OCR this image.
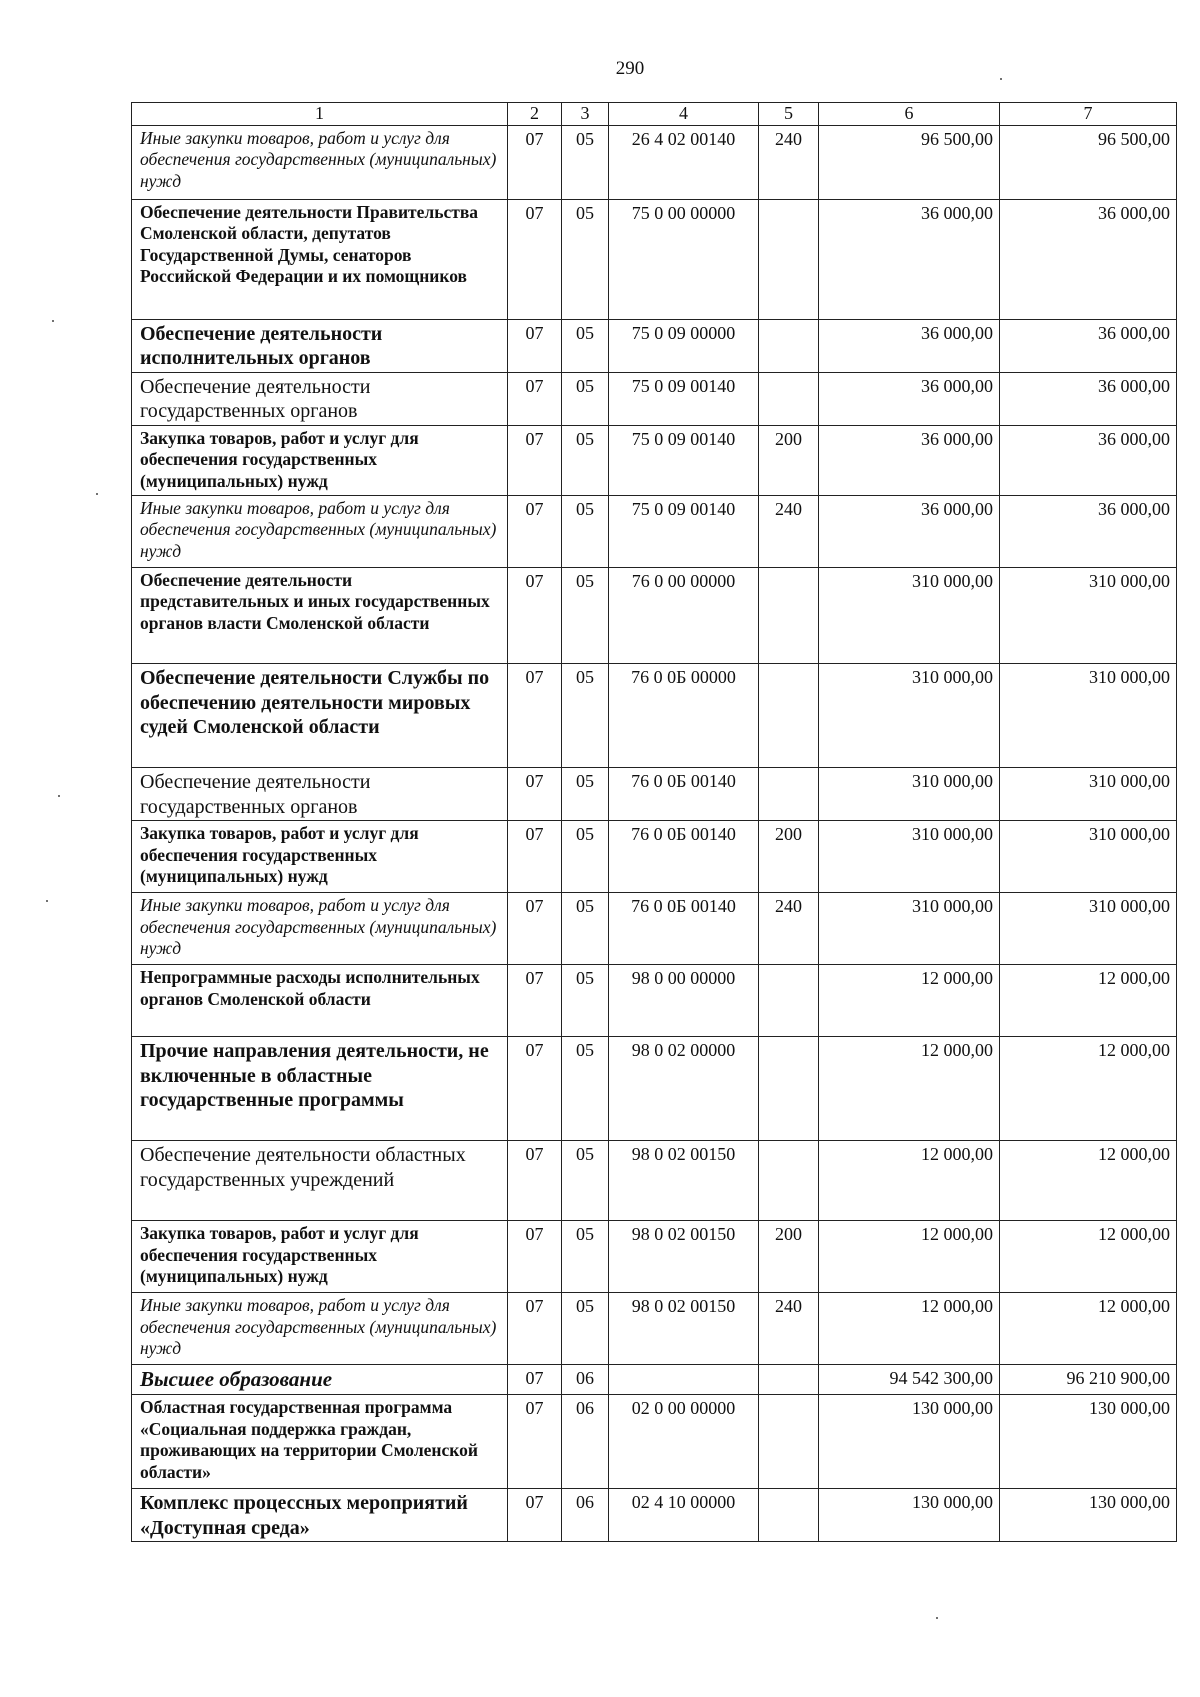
290
1	2	3	4	5	6	7
Иные закупки товаров, работ и услуг для обеспечения государственных (муниципальных) нужд	07	05	26 4 02 00140	240	96 500,00	96 500,00
Обеспечение деятельности Правительства Смоленской области, депутатов Государственной Думы, сенаторов Российской Федерации и их помощников	07	05	75 0 00 00000		36 000,00	36 000,00
Обеспечение деятельности исполнительных органов	07	05	75 0 09 00000		36 000,00	36 000,00
Обеспечение деятельности государственных органов	07	05	75 0 09 00140		36 000,00	36 000,00
Закупка товаров, работ и услуг для обеспечения государственных (муниципальных) нужд	07	05	75 0 09 00140	200	36 000,00	36 000,00
Иные закупки товаров, работ и услуг для обеспечения государственных (муниципальных) нужд	07	05	75 0 09 00140	240	36 000,00	36 000,00
Обеспечение деятельности представительных и иных государственных органов власти Смоленской области	07	05	76 0 00 00000		310 000,00	310 000,00
Обеспечение деятельности Службы по обеспечению деятельности мировых судей Смоленской области	07	05	76 0 0Б 00000		310 000,00	310 000,00
Обеспечение деятельности государственных органов	07	05	76 0 0Б 00140		310 000,00	310 000,00
Закупка товаров, работ и услуг для обеспечения государственных (муниципальных) нужд	07	05	76 0 0Б 00140	200	310 000,00	310 000,00
Иные закупки товаров, работ и услуг для обеспечения государственных (муниципальных) нужд	07	05	76 0 0Б 00140	240	310 000,00	310 000,00
Непрограммные расходы исполнительных органов Смоленской области	07	05	98 0 00 00000		12 000,00	12 000,00
Прочие направления деятельности, не включенные в областные государственные программы	07	05	98 0 02 00000		12 000,00	12 000,00
Обеспечение деятельности областных государственных учреждений	07	05	98 0 02 00150		12 000,00	12 000,00
Закупка товаров, работ и услуг для обеспечения государственных (муниципальных) нужд	07	05	98 0 02 00150	200	12 000,00	12 000,00
Иные закупки товаров, работ и услуг для обеспечения государственных (муниципальных) нужд	07	05	98 0 02 00150	240	12 000,00	12 000,00
Высшее образование	07	06			94 542 300,00	96 210 900,00
Областная государственная программа «Социальная поддержка граждан, проживающих на территории Смоленской области»	07	06	02 0 00 00000		130 000,00	130 000,00
Комплекс процессных мероприятий «Доступная среда»	07	06	02 4 10 00000		130 000,00	130 000,00
